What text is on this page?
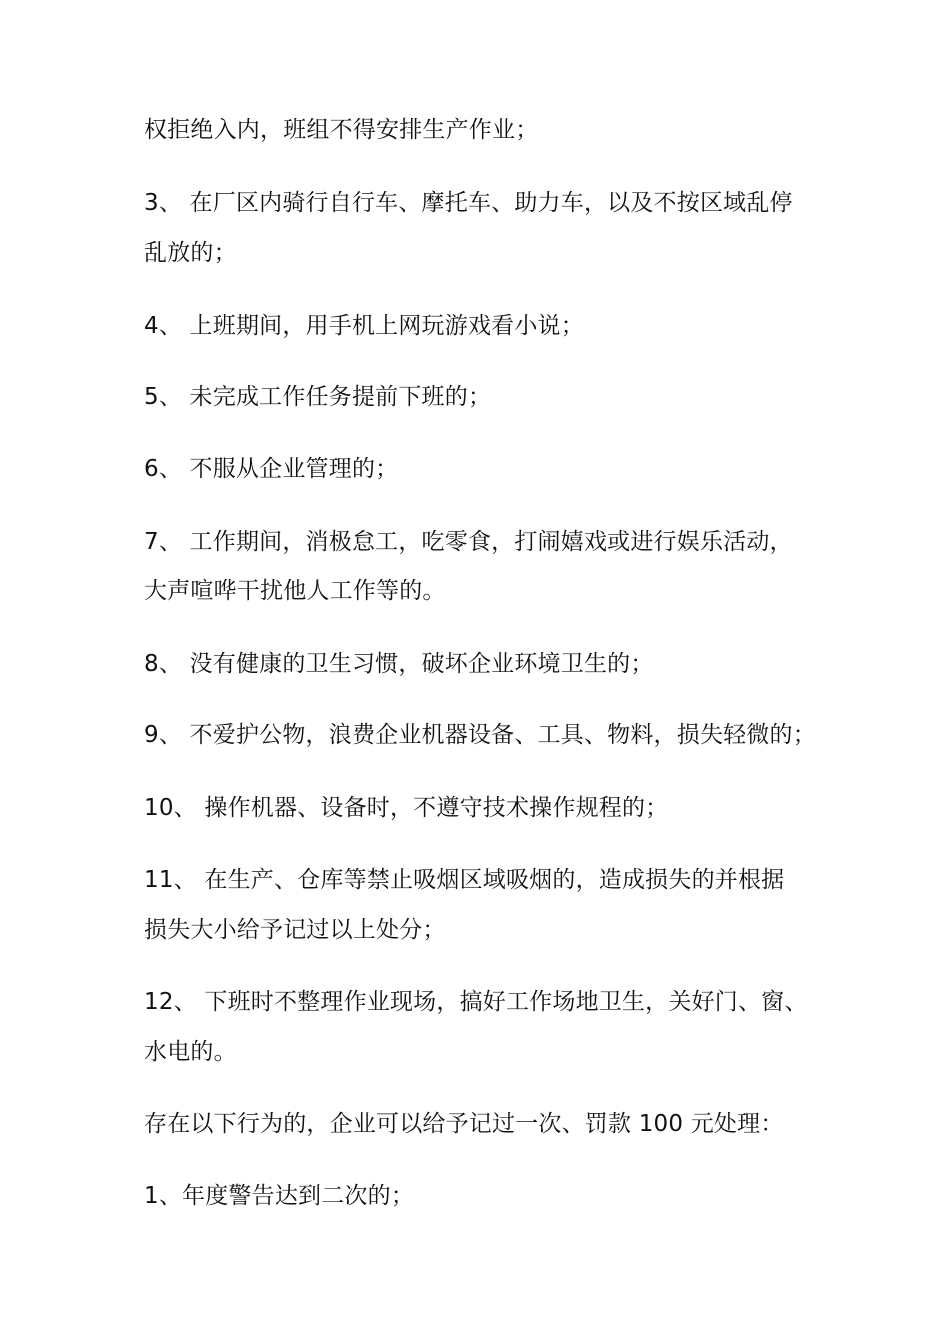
权拒绝入内，班组不得安排生产作业；
3、 在厂区内骑行自行车、摩托车、助力车，以及不按区域乱停
乱放的；
4、 上班期间，用手机上网玩游戏看小说；
5、 未完成工作任务提前下班的；
6、 不服从企业管理的；
7、 工作期间，消极怠工，吃零食，打闹嬉戏或进行娱乐活动，
大声喧哗干扰他人工作等的。
8、 没有健康的卫生习惯，破坏企业环境卫生的；
9、 不爱护公物，浪费企业机器设备、工具、物料，损失轻微的；
10、 操作机器、设备时，不遵守技术操作规程的；
11、 在生产、仓库等禁止吸烟区域吸烟的，造成损失的并根据
损失大小给予记过以上处分；
12、 下班时不整理作业现场，搞好工作场地卫生，关好门、窗、
水电的。
存在以下行为的，企业可以给予记过一次、罚款 100 元处理：
1、年度警告达到二次的；
